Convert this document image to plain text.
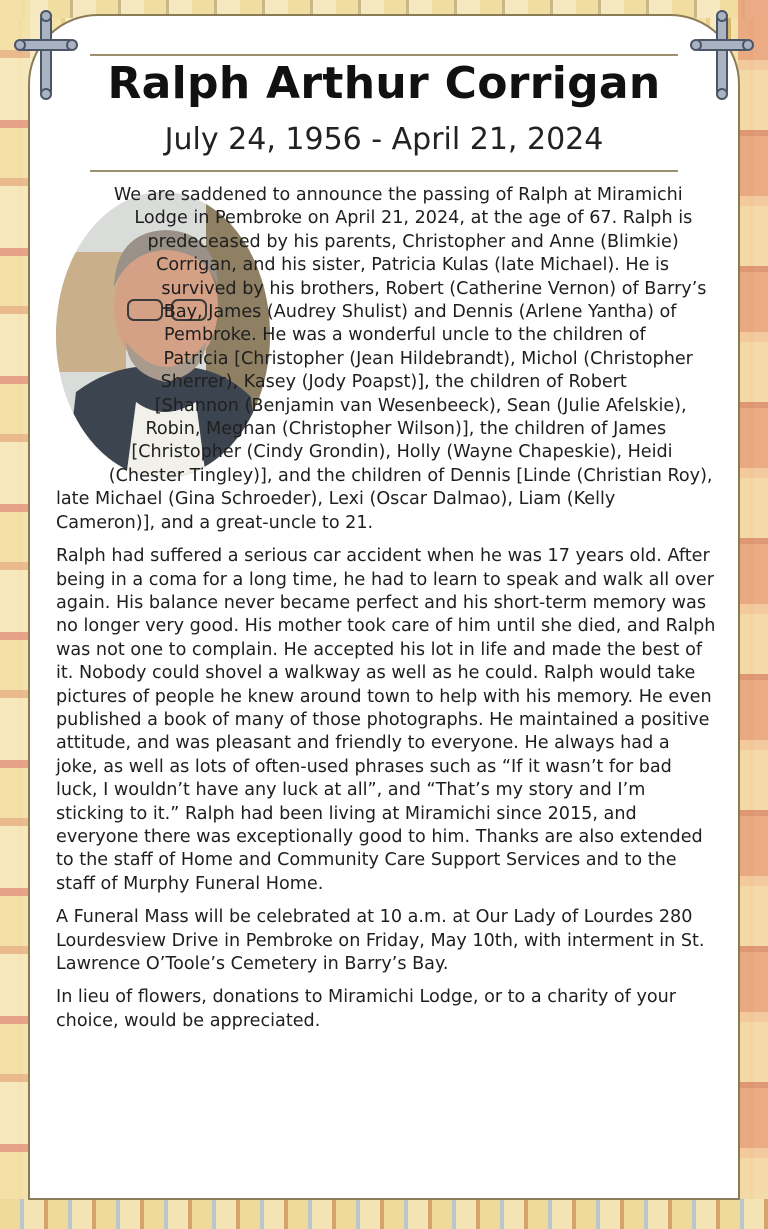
Ralph Arthur Corrigan
July 24, 1956 - April 21, 2024

We are saddened to announce the passing of Ralph at Miramichi Lodge in Pembroke on April 21, 2024, at the age of 67. Ralph is predeceased by his parents, Christopher and Anne (Blimkie) Corrigan, and his sister, Patricia Kulas (late Michael). He is survived by his brothers, Robert (Catherine Vernon) of Barry’s Bay, James (Audrey Shulist) and Dennis (Arlene Yantha) of Pembroke. He was a wonderful uncle to the children of Patricia [Christopher (Jean Hildebrandt), Michol (Christopher Sherrer), Kasey (Jody Poapst)], the children of Robert [Shannon (Benjamin van Wesenbeeck), Sean (Julie Afelskie), Robin, Meghan (Christopher Wilson)], the children of James [Christopher (Cindy Grondin), Holly (Wayne Chapeskie), Heidi (Chester Tingley)], and the children of Dennis [Linde (Christian Roy), late Michael (Gina Schroeder), Lexi (Oscar Dalmao), Liam (Kelly Cameron)], and a great-uncle to 21.

Ralph had suffered a serious car accident when he was 17 years old. After being in a coma for a long time, he had to learn to speak and walk all over again. His balance never became perfect and his short-term memory was no longer very good. His mother took care of him until she died, and Ralph was not one to complain. He accepted his lot in life and made the best of it. Nobody could shovel a walkway as well as he could. Ralph would take pictures of people he knew around town to help with his memory. He even published a book of many of those photographs. He maintained a positive attitude, and was pleasant and friendly to everyone. He always had a joke, as well as lots of often-used phrases such as “If it wasn’t for bad luck, I wouldn’t have any luck at all”, and “That’s my story and I’m sticking to it.” Ralph had been living at Miramichi since 2015, and everyone there was exceptionally good to him. Thanks are also extended to the staff of Home and Community Care Support Services and to the staff of Murphy Funeral Home.

A Funeral Mass will be celebrated at 10 a.m. at Our Lady of Lourdes 280 Lourdesview Drive in Pembroke on Friday, May 10th, with interment in St. Lawrence O’Toole’s Cemetery in Barry’s Bay.

In lieu of flowers, donations to Miramichi Lodge, or to a charity of your choice, would be appreciated.
